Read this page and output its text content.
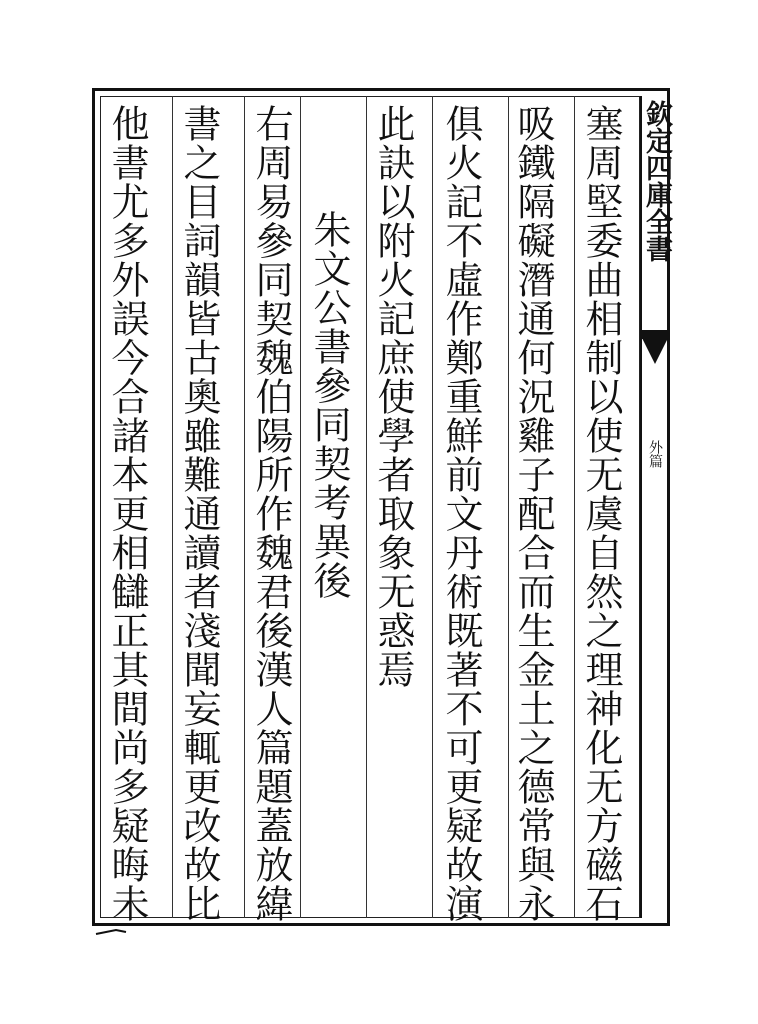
塞周堅委曲相制以使无虞自然之理神化无方磁石
吸鐵隔礙潛通何況雞子配合而生金土之德常與永
俱火記不虛作鄭重鮮前文丹術既著不可更疑故演
此訣以附火記庶使學者取象无惑焉
朱文公書參同契考異後
右周易參同契魏伯陽所作魏君後漢人篇題蓋放緯
書之目詞韻皆古奧雖難通讀者淺聞妄輒更改故比
他書尤多外誤今合諸本更相讎正其間尚多疑晦未	欽定四庫全書
外篇
